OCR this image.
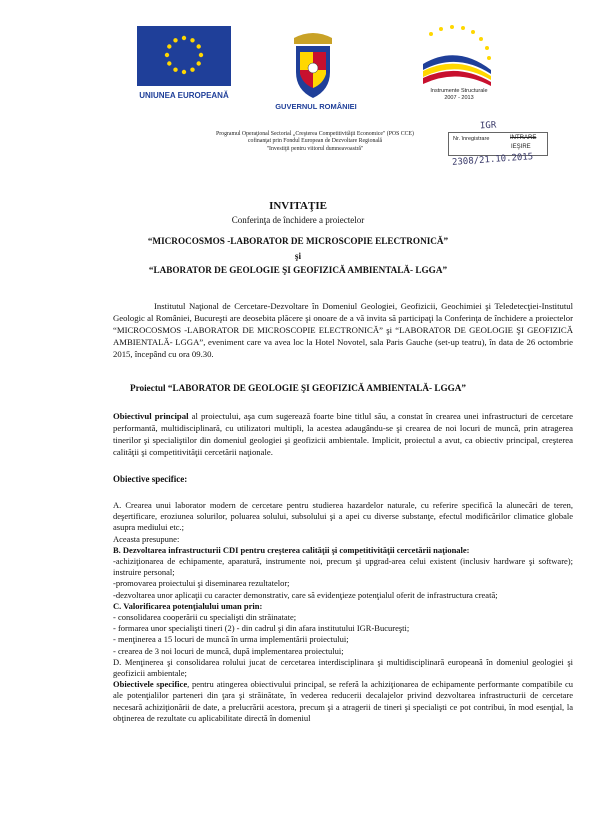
UNIUNEA EUROPEANĂ
GUVERNUL ROMÂNIEI
Instrumente Structurale
2007 - 2013
Programul Operaţional Sectorial „Creşterea Competitivităţii Economice" (POS CCE)
cofinanţat prin Fondul European de Dezvoltare Regională
"Investiţii pentru viitorul dumneavoastră"
IGR
Nr. înregistrare	INTRARE
IEŞIRE
2308/21.10.2015
INVITAŢIE
Conferinţa de închidere a proiectelor
“MICROCOSMOS -LABORATOR DE MICROSCOPIE ELECTRONICĂ”
şi
“LABORATOR DE GEOLOGIE ŞI GEOFIZICĂ AMBIENTALĂ- LGGA”
Institutul Naţional de Cercetare-Dezvoltare în Domeniul Geologiei, Geofizicii, Geochimiei şi Teledetecţiei-Institutul Geologic al României, Bucureşti are deosebita plăcere şi onoare de a vă invita să participaţi la Conferinţa de închidere a proiectelor “MICROCOSMOS -LABORATOR DE MICROSCOPIE ELECTRONICĂ” şi “LABORATOR DE GEOLOGIE ŞI GEOFIZICĂ AMBIENTALĂ- LGGA”, eveniment care va avea loc la Hotel Novotel, sala Paris Gauche (set-up teatru), în data de 26 octombrie 2015, începând cu ora 09.30.
Proiectul “LABORATOR DE GEOLOGIE ŞI GEOFIZICĂ AMBIENTALĂ- LGGA”
Obiectivul principal al proiectului, aşa cum sugerează foarte bine titlul său, a constat în crearea unei infrastructuri de cercetare performantă, multidisciplinară, cu utilizatori multipli, la acestea adaugându-se şi crearea de noi locuri de muncă, prin atragerea tinerilor şi specialiştilor din domeniul geologiei şi geofizicii ambientale. Implicit, proiectul a avut, ca obiectiv principal, creşterea calităţii şi competitivităţii cercetării naţionale.
Obiective specifice:
A. Crearea unui laborator modern de cercetare pentru studierea hazardelor naturale, cu referire specifică la alunecări de teren, deşertificare, eroziunea solurilor, poluarea solului, subsolului şi a apei cu diverse substanţe, efectul modificărilor climatice globale asupra mediului etc.;
Aceasta presupune:
B. Dezvoltarea infrastructurii CDI pentru creşterea calităţii şi competitivităţii cercetării naţionale:
-achiziţionarea de echipamente, aparatură, instrumente noi, precum şi upgrad-area celui existent (inclusiv hardware şi software); instruire personal;
-promovarea proiectului şi diseminarea rezultatelor;
-dezvoltarea unor aplicaţii cu caracter demonstrativ, care să evidenţieze potenţialul oferit de infrastructura creată;
C. Valorificarea potenţialului uman prin:
- consolidarea cooperării cu specialişti din străinatate;
- formarea unor specialişti tineri (2) - din cadrul şi din afara institutului IGR-Bucureşti;
- menţinerea a 15 locuri de muncă în urma implementării proiectului;
- crearea de 3 noi locuri de muncă, după implementarea proiectului;
D. Menţinerea şi consolidarea rolului jucat de cercetarea interdisciplinara şi multidisciplinară europeană în domeniul geologiei şi geofizicii ambientale;
Obiectivele specifice, pentru atingerea obiectivului principal, se referă la achiziţionarea de echipamente performante compatibile cu ale potenţialilor parteneri din ţara şi străinătate, în vederea reducerii decalajelor privind dezvoltarea infrastructurii de cercetare necesară achiziţionării de date, a prelucrării acestora, precum şi a atragerii de tineri şi specialişti ce pot contribui, în mod esenţial, la obţinerea de rezultate cu aplicabilitate directă în domeniul
